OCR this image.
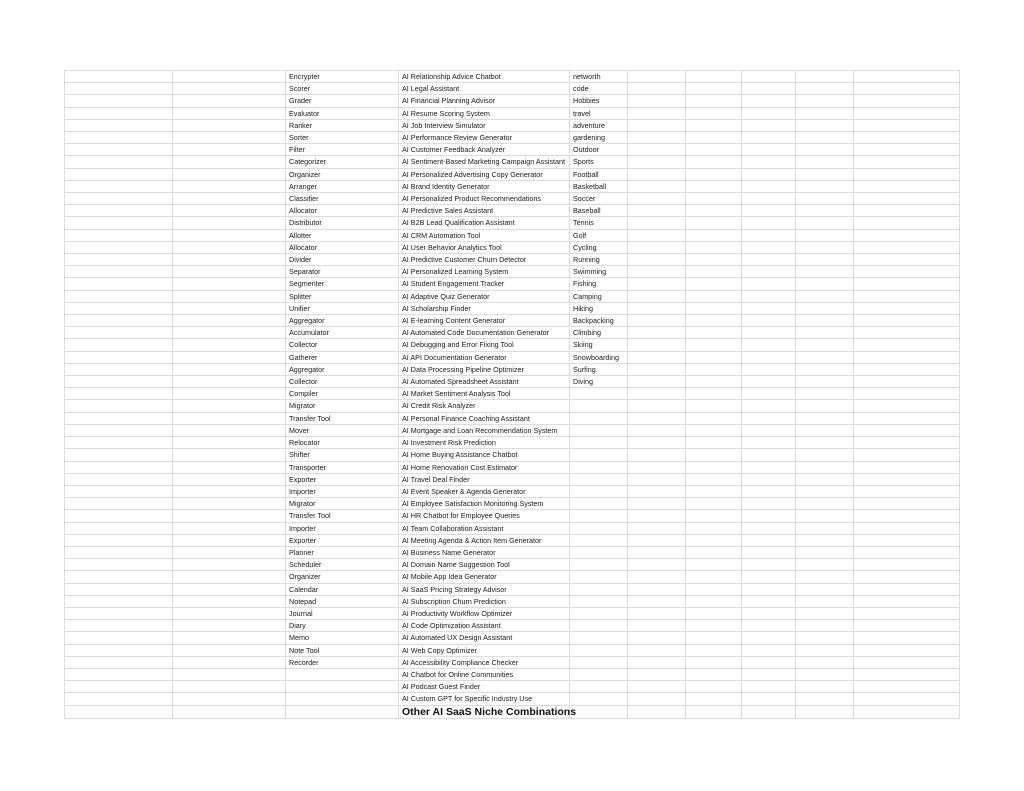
		Encrypter	AI Relationship Advice Chatbot	networth					
		Scorer	AI Legal Assistant	code					
		Grader	AI Financial Planning Advisor	Hobbies					
		Evaluator	AI Resume Scoring System	travel					
		Ranker	AI Job Interview Simulator	adventure					
		Sorter	AI Performance Review Generator	gardening					
		Filter	AI Customer Feedback Analyzer	Outdoor					
		Categorizer	AI Sentiment-Based Marketing Campaign Assistant	Sports					
		Organizer	AI Personalized Advertising Copy Generator	Football					
		Arranger	AI Brand Identity Generator	Basketball					
		Classifier	AI Personalized Product Recommendations	Soccer					
		Allocator	AI Predictive Sales Assistant	Baseball					
		Distributor	AI B2B Lead Qualification Assistant	Tennis					
		Allotter	AI CRM Automation Tool	Golf					
		Allocator	AI User Behavior Analytics Tool	Cycling					
		Divider	AI Predictive Customer Churn Detector	Running					
		Separator	AI Personalized Learning System	Swimming					
		Segmenter	AI Student Engagement Tracker	Fishing					
		Splitter	AI Adaptive Quiz Generator	Camping					
		Unifier	AI Scholarship Finder	Hiking					
		Aggregator	AI E-learning Content Generator	Backpacking					
		Accumulator	AI Automated Code Documentation Generator	Climbing					
		Collector	AI Debugging and Error Fixing Tool	Skiing					
		Gatherer	AI API Documentation Generator	Snowboarding					
		Aggregator	AI Data Processing Pipeline Optimizer	Surfing					
		Collector	AI Automated Spreadsheet Assistant	Diving					
		Compiler	AI Market Sentiment Analysis Tool						
		Migrator	AI Credit Risk Analyzer						
		Transfer Tool	AI Personal Finance Coaching Assistant						
		Mover	AI Mortgage and Loan Recommendation System						
		Relocator	AI Investment Risk Prediction						
		Shifter	AI Home Buying Assistance Chatbot						
		Transporter	AI Home Renovation Cost Estimator						
		Exporter	AI Travel Deal Finder						
		Importer	AI Event Speaker & Agenda Generator						
		Migrator	AI Employee Satisfaction Monitoring System						
		Transfer Tool	AI HR Chatbot for Employee Queries						
		Importer	AI Team Collaboration Assistant						
		Exporter	AI Meeting Agenda & Action Item Generator						
		Planner	AI Business Name Generator						
		Scheduler	AI Domain Name Suggestion Tool						
		Organizer	AI Mobile App Idea Generator						
		Calendar	AI SaaS Pricing Strategy Advisor						
		Notepad	AI Subscription Churn Prediction						
		Journal	AI Productivity Workflow Optimizer						
		Diary	AI Code Optimization Assistant						
		Memo	AI Automated UX Design Assistant						
		Note Tool	AI Web Copy Optimizer						
		Recorder	AI Accessibility Compliance Checker						
			AI Chatbot for Online Communities						
			AI Podcast Guest Finder						
			AI Custom GPT for Specific Industry Use						
			Other AI SaaS Niche Combinations						
